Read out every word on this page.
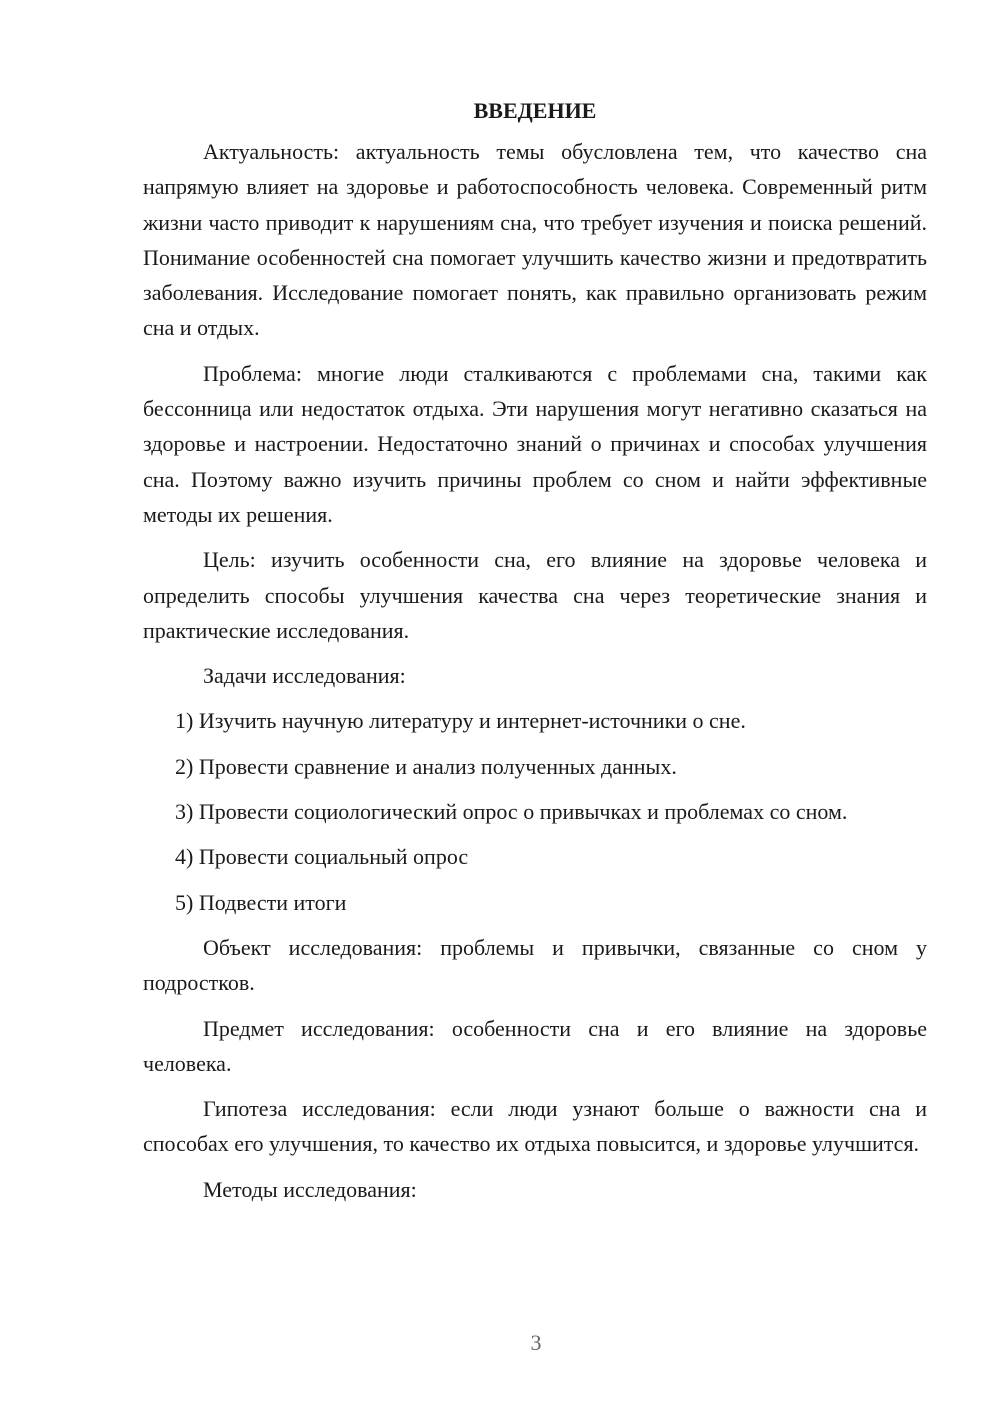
ВВЕДЕНИЕ

Актуальность: актуальность темы обусловлена тем, что качество сна напрямую влияет на здоровье и работоспособность человека. Современный ритм жизни часто приводит к нарушениям сна, что требует изучения и поиска решений. Понимание особенностей сна помогает улучшить качество жизни и предотвратить заболевания. Исследование помогает понять, как правильно организовать режим сна и отдых.

Проблема: многие люди сталкиваются с проблемами сна, такими как бессонница или недостаток отдыха. Эти нарушения могут негативно сказаться на здоровье и настроении. Недостаточно знаний о причинах и способах улучшения сна. Поэтому важно изучить причины проблем со сном и найти эффективные методы их решения.

Цель: изучить особенности сна, его влияние на здоровье человека и определить способы улучшения качества сна через теоретические знания и практические исследования.

Задачи исследования:

1) Изучить научную литературу и интернет-источники о сне.

2) Провести сравнение и анализ полученных данных.

3) Провести социологический опрос о привычках и проблемах со сном.

4) Провести социальный опрос

5) Подвести итоги

Объект исследования: проблемы и привычки, связанные со сном у подростков.

Предмет исследования: особенности сна и его влияние на здоровье человека.

Гипотеза исследования: если люди узнают больше о важности сна и способах его улучшения, то качество их отдыха повысится, и здоровье улучшится.

Методы исследования:

3
